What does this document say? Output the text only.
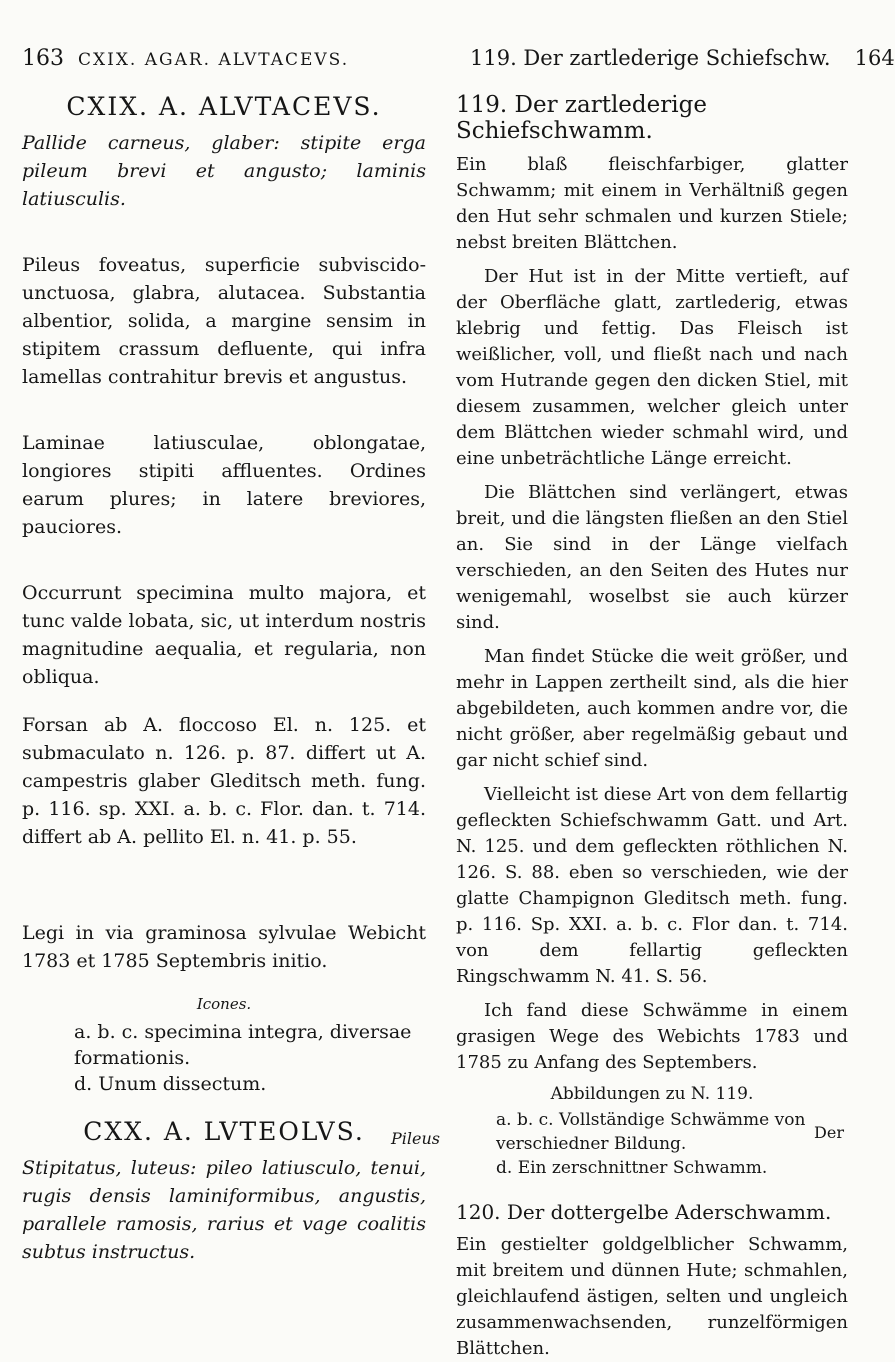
163 CXIX. AGAR. ALVTACEVS.

CXIX. A. ALVTACEVS.

Pallide carneus, glaber: stipite erga pileum brevi et angusto; laminis latiusculis.

Pileus foveatus, superficie subviscido-unctuosa, glabra, alutacea. Substantia albentior, solida, a margine sensim in stipitem crassum defluente, qui infra lamellas contrahitur brevis et angustus.

Laminae latiusculae, oblongatae, longiores stipiti affluentes. Ordines earum plures; in latere breviores, pauciores.

Occurrunt specimina multo majora, et tunc valde lobata, sic, ut interdum nostris magnitudine aequalia, et regularia, non obliqua.

Forsan ab A. floccoso El. n. 125. et submaculato n. 126. p. 87. differt ut A. campestris glaber Gleditsch meth. fung. p. 116. sp. XXI. a. b. c. Flor. dan. t. 714. differt ab A. pellito El. n. 41. p. 55.

Legi in via graminosa sylvulae Webicht 1783 et 1785 Septembris initio.

Icones.

a. b. c. specimina integra, diversae formationis.
d. Unum dissectum.

CXX. A. LVTEOLVS.

Stipitatus, luteus: pileo latiusculo, tenui, rugis densis laminiformibus, angustis, parallele ramosis, rarius et vage coalitis subtus instructus.

Pileus
119. Der zartlederige Schiefschw. 164

119. Der zartlederige Schiefschwamm.

Ein blaß fleischfarbiger, glatter Schwamm; mit einem in Verhältniß gegen den Hut sehr schmalen und kurzen Stiele; nebst breiten Blättchen.

Der Hut ist in der Mitte vertieft, auf der Oberfläche glatt, zartlederig, etwas klebrig und fettig. Das Fleisch ist weißlicher, voll, und fließt nach und nach vom Hutrande gegen den dicken Stiel, mit diesem zusammen, welcher gleich unter dem Blättchen wieder schmahl wird, und eine unbeträchtliche Länge erreicht.

Die Blättchen sind verlängert, etwas breit, und die längsten fließen an den Stiel an. Sie sind in der Länge vielfach verschieden, an den Seiten des Hutes nur wenigemahl, woselbst sie auch kürzer sind.

Man findet Stücke die weit größer, und mehr in Lappen zertheilt sind, als die hier abgebildeten, auch kommen andre vor, die nicht größer, aber regelmäßig gebaut und gar nicht schief sind.

Vielleicht ist diese Art von dem fellartig gefleckten Schiefschwamm Gatt. und Art. N. 125. und dem gefleckten röthlichen N. 126. S. 88. eben so verschieden, wie der glatte Champignon Gleditsch meth. fung. p. 116. Sp. XXI. a. b. c. Flor dan. t. 714. von dem fellartig gefleckten Ringschwamm N. 41. S. 56.

Ich fand diese Schwämme in einem grasigen Wege des Webichts 1783 und 1785 zu Anfang des Septembers.

Abbildungen zu N. 119.

a. b. c. Vollständige Schwämme von verschiedner Bildung.
d. Ein zerschnittner Schwamm.

120. Der dottergelbe Aderschwamm.

Ein gestielter goldgelblicher Schwamm, mit breitem und dünnen Hute; schmahlen, gleichlaufend ästigen, selten und ungleich zusammenwachsenden, runzelförmigen Blättchen.

Der
